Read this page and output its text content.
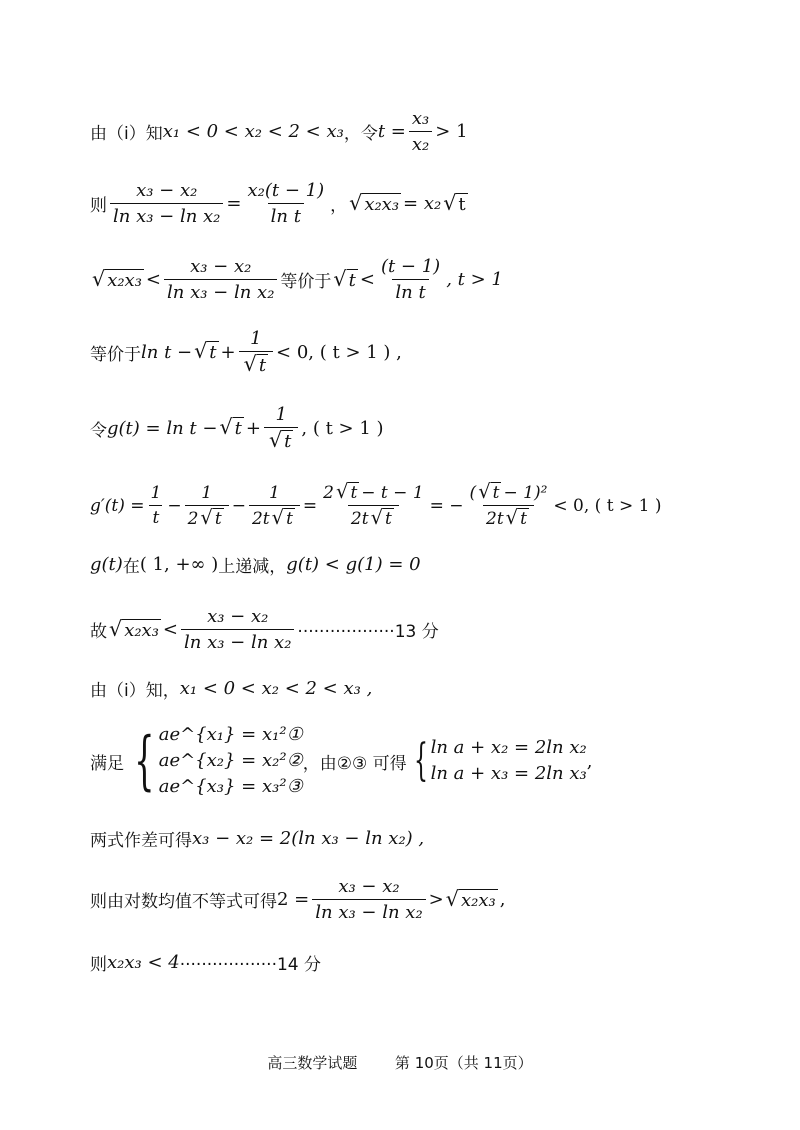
由（i）知 x₁ < 0 < x₂ < 2 < x₃ ，令 $t = \frac{\text{x₃}}{\text{x₂}} > 1$
则 $\frac{\text{x₃ − x₂}}{\text{ln x₃ − ln x₂}} = \frac{\text{x₂(t − 1)}}{\text{ln t}}$ ， √ x₂x₃ = x₂ √ t
√ $x_2x_3 < \frac{\text{x₃ − x₂}}{\text{ln x₃ − ln x₂}}$ 等价于 √ $t < \frac{(t - 1)}{\text{ln t}}$ , t > 1
等价于 ln t − √ $t + \frac{1}{√ t} < 0$, ( t > 1 ) ,
令 g(t) = ln t − √ $t + \frac{1}{√ t}$ , ( t > 1 )
$g'(t) = \frac{1}{t} - \frac{1}{2 √ t} - \frac{1}{2t √ t} = \frac{2 √ t - t - 1}{2t √ t}$ = − $\frac{\text{( √ t − 1)²}}{2t √ t} < 0$, ( t > 1 )
g(t) 在 ( 1, +∞ ) 上递减， g(t) < g(1) = 0
故 √ $x_2x_3 < \frac{\text{x₃ − x₂}}{\text{ln x₃ − ln x₂}} \cdot\cdot\cdot\cdot\cdot\cdot\cdot\cdot\cdot\cdot\cdot\cdot\cdot\cdot\cdot\cdot\cdot\cdot 13$ 分
由（i）知， x₁ < 0 < x₂ < 2 < x₃ ,
满足 { ae^{x₁} = x₁²①
ae^{x₂} = x₂²②
ae^{x₃} = x₃²③
，由②③ 可得 { ln a + x₂ = 2ln x₂
ln a + x₃ = 2ln x₃
,
两式作差可得 x₃ − x₂ = 2(ln x₃ − ln x₂) ,
则由对数均值不等式可得 $2 = \frac{\text{x₃ − x₂}}{\text{ln x₃ − ln x₂}}$ > √ x₂x₃ ,
则 x₂x₃ < 4 ··················14 分
高三数学试题	第 10页（共 11页）
